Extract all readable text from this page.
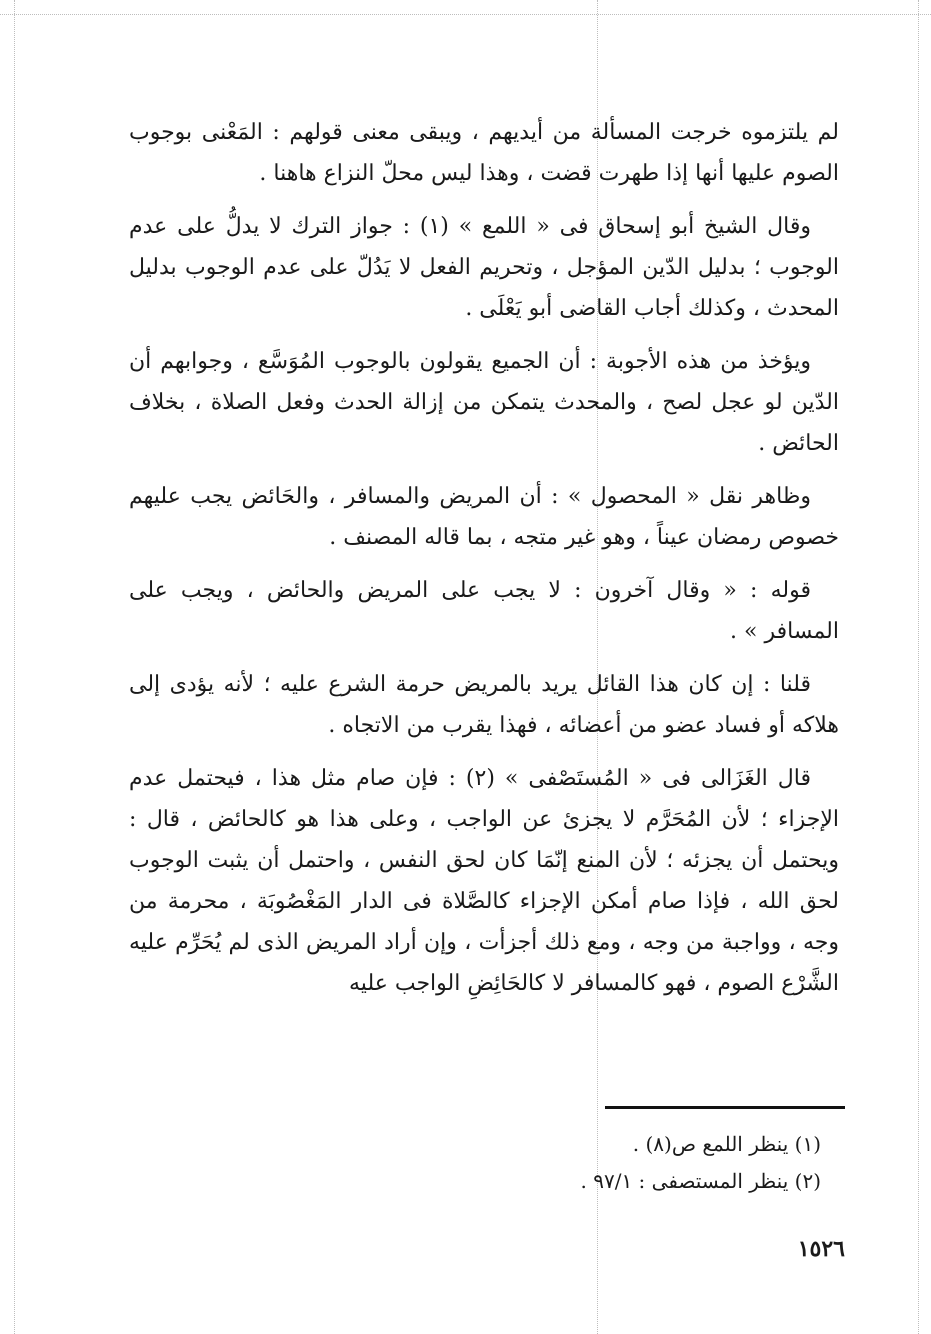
لم يلتزموه خرجت المسألة من أيديهم ، ويبقى معنى قولهم : المَعْنى بوجوب الصوم عليها أنها إذا طهرت قضت ، وهذا ليس محلّ النزاع هاهنا .

وقال الشيخ أبو إسحاق فى « اللمع » (١) : جواز الترك لا يدلُّ على عدم الوجوب ؛ بدليل الدّين المؤجل ، وتحريم الفعل لا يَدُلّ على عدم الوجوب بدليل المحدث ، وكذلك أجاب القاضى أبو يَعْلَى .

ويؤخذ من هذه الأجوبة : أن الجميع يقولون بالوجوب المُوَسَّع ، وجوابهم أن الدّين لو عجل لصح ، والمحدث يتمكن من إزالة الحدث وفعل الصلاة ، بخلاف الحائض .

وظاهر نقل « المحصول » : أن المريض والمسافر ، والحَائض يجب عليهم خصوص رمضان عيناً ، وهو غير متجه ، بما قاله المصنف .

قوله : « وقال آخرون : لا يجب على المريض والحائض ، ويجب على المسافر » .

قلنا : إن كان هذا القائل يريد بالمريض حرمة الشرع عليه ؛ لأنه يؤدى إلى هلاكه أو فساد عضو من أعضائه ، فهذا يقرب من الاتجاه .

قال الغَزَالى فى « المُستَصْفى » (٢) : فإن صام مثل هذا ، فيحتمل عدم الإجزاء ؛ لأن المُحَرَّم لا يجزئ عن الواجب ، وعلى هذا هو كالحائض ، قال : ويحتمل أن يجزئه ؛ لأن المنع إنّمَا كان لحق النفس ، واحتمل أن يثبت الوجوب لحق الله ، فإذا صام أمكن الإجزاء كالصَّلاة فى الدار المَغْصُوبَة ، محرمة من وجه ، وواجبة من وجه ، ومع ذلك أجزأت ، وإن أراد المريض الذى لم يُحَرِّم عليه الشَّرْع الصوم ، فهو كالمسافر لا كالحَائِضِ الواجب عليه

(١) ينظر اللمع ص(٨) .

(٢) ينظر المستصفى : ٩٧/١ .

١٥٢٦
